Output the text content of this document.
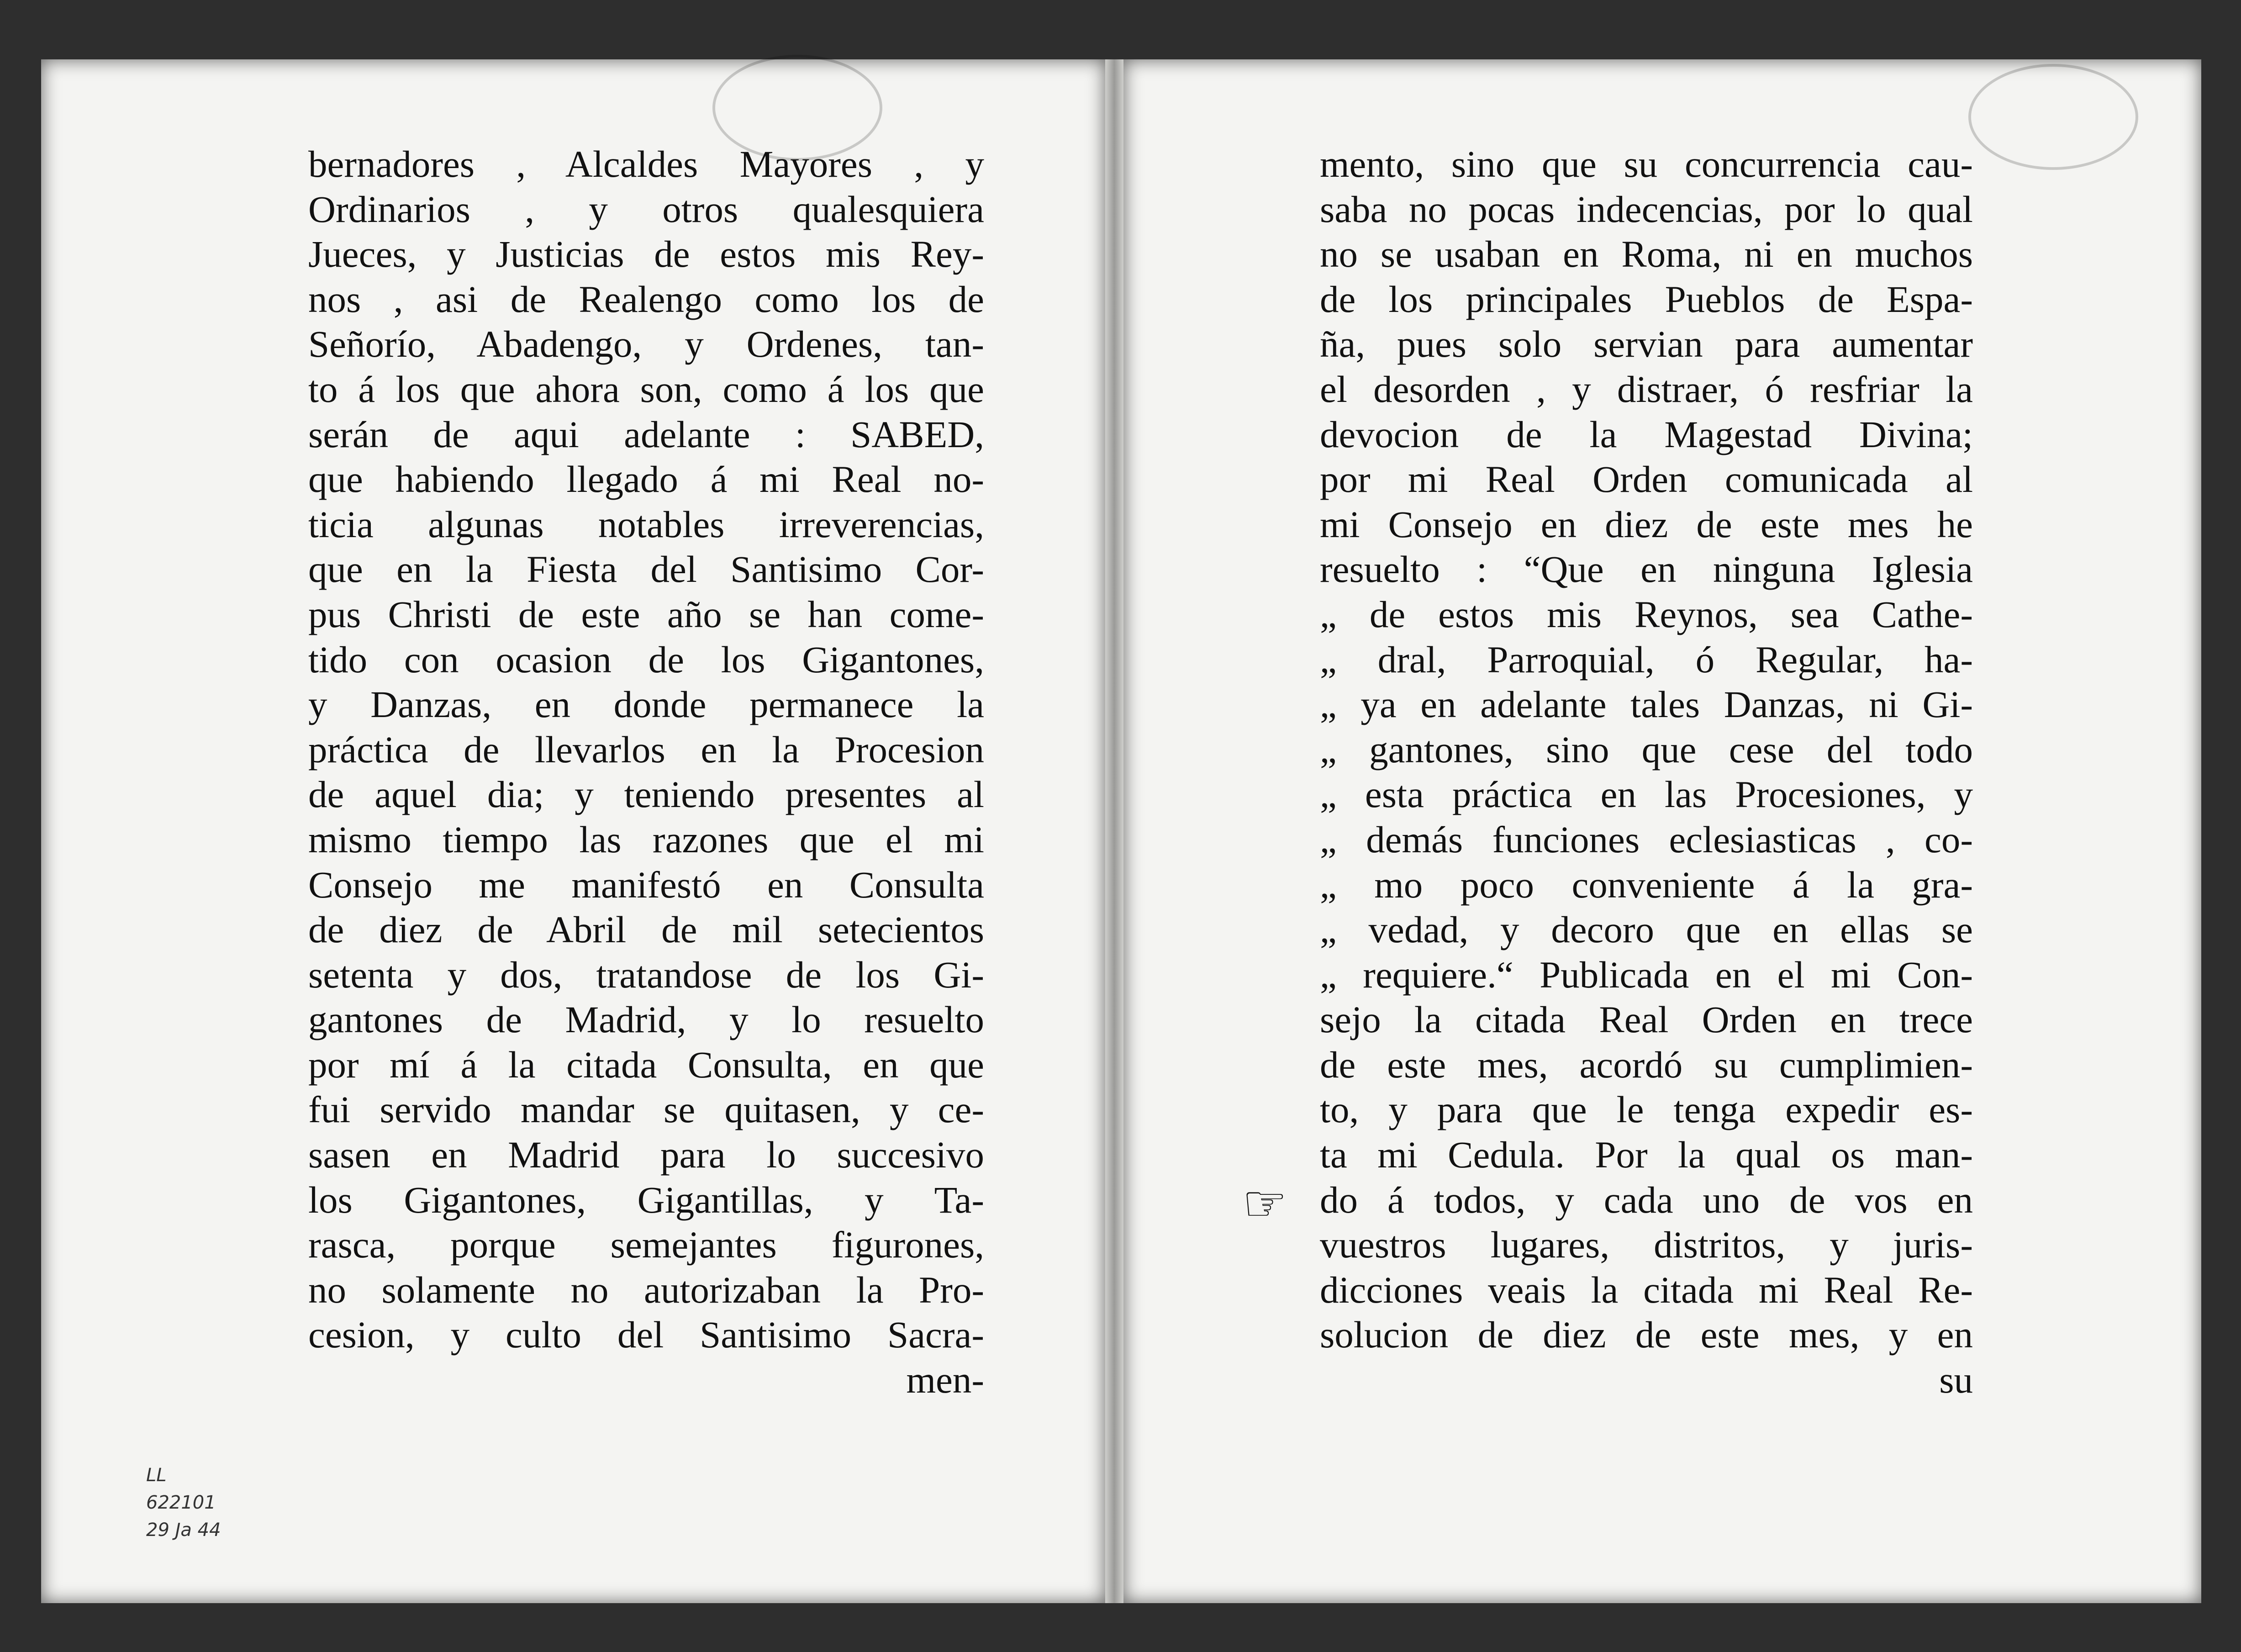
bernadores , Alcaldes Mayores , y
Ordinarios , y otros qualesquiera
Jueces, y Justicias de estos mis Rey-
nos , asi de Realengo como los de
Señorío, Abadengo, y Ordenes, tan-
to á los que ahora son, como á los que
serán de aqui adelante : SABED,
que habiendo llegado á mi Real no-
ticia algunas notables irreverencias,
que en la Fiesta del Santisimo Cor-
pus Christi de este año se han come-
tido con ocasion de los Gigantones,
y Danzas, en donde permanece la
práctica de llevarlos en la Procesion
de aquel dia; y teniendo presentes al
mismo tiempo las razones que el mi
Consejo me manifestó en Consulta
de diez de Abril de mil setecientos
setenta y dos, tratandose de los Gi-
gantones de Madrid, y lo resuelto
por mí á la citada Consulta, en que
fui servido mandar se quitasen, y ce-
sasen en Madrid para lo succesivo
los Gigantones, Gigantillas, y Ta-
rasca, porque semejantes figurones,
no solamente no autorizaban la Pro-
cesion, y culto del Santisimo Sacra-
men-
LL
622101
29 Ja 44
☞
mento, sino que su concurrencia cau-
saba no pocas indecencias, por lo qual
no se usaban en Roma, ni en muchos
de los principales Pueblos de Espa-
ña, pues solo servian para aumentar
el desorden , y distraer, ó resfriar la
devocion de la Magestad Divina;
por mi Real Orden comunicada al
mi Consejo en diez de este mes he
resuelto : “Que en ninguna Iglesia
„ de estos mis Reynos, sea Cathe-
„ dral, Parroquial, ó Regular, ha-
„ ya en adelante tales Danzas, ni Gi-
„ gantones, sino que cese del todo
„ esta práctica en las Procesiones, y
„ demás funciones eclesiasticas , co-
„ mo poco conveniente á la gra-
„ vedad, y decoro que en ellas se
„ requiere.“ Publicada en el mi Con-
sejo la citada Real Orden en trece
de este mes, acordó su cumplimien-
to, y para que le tenga expedir es-
ta mi Cedula. Por la qual os man-
do á todos, y cada uno de vos en
vuestros lugares, distritos, y juris-
dicciones veais la citada mi Real Re-
solucion de diez de este mes, y en
su
